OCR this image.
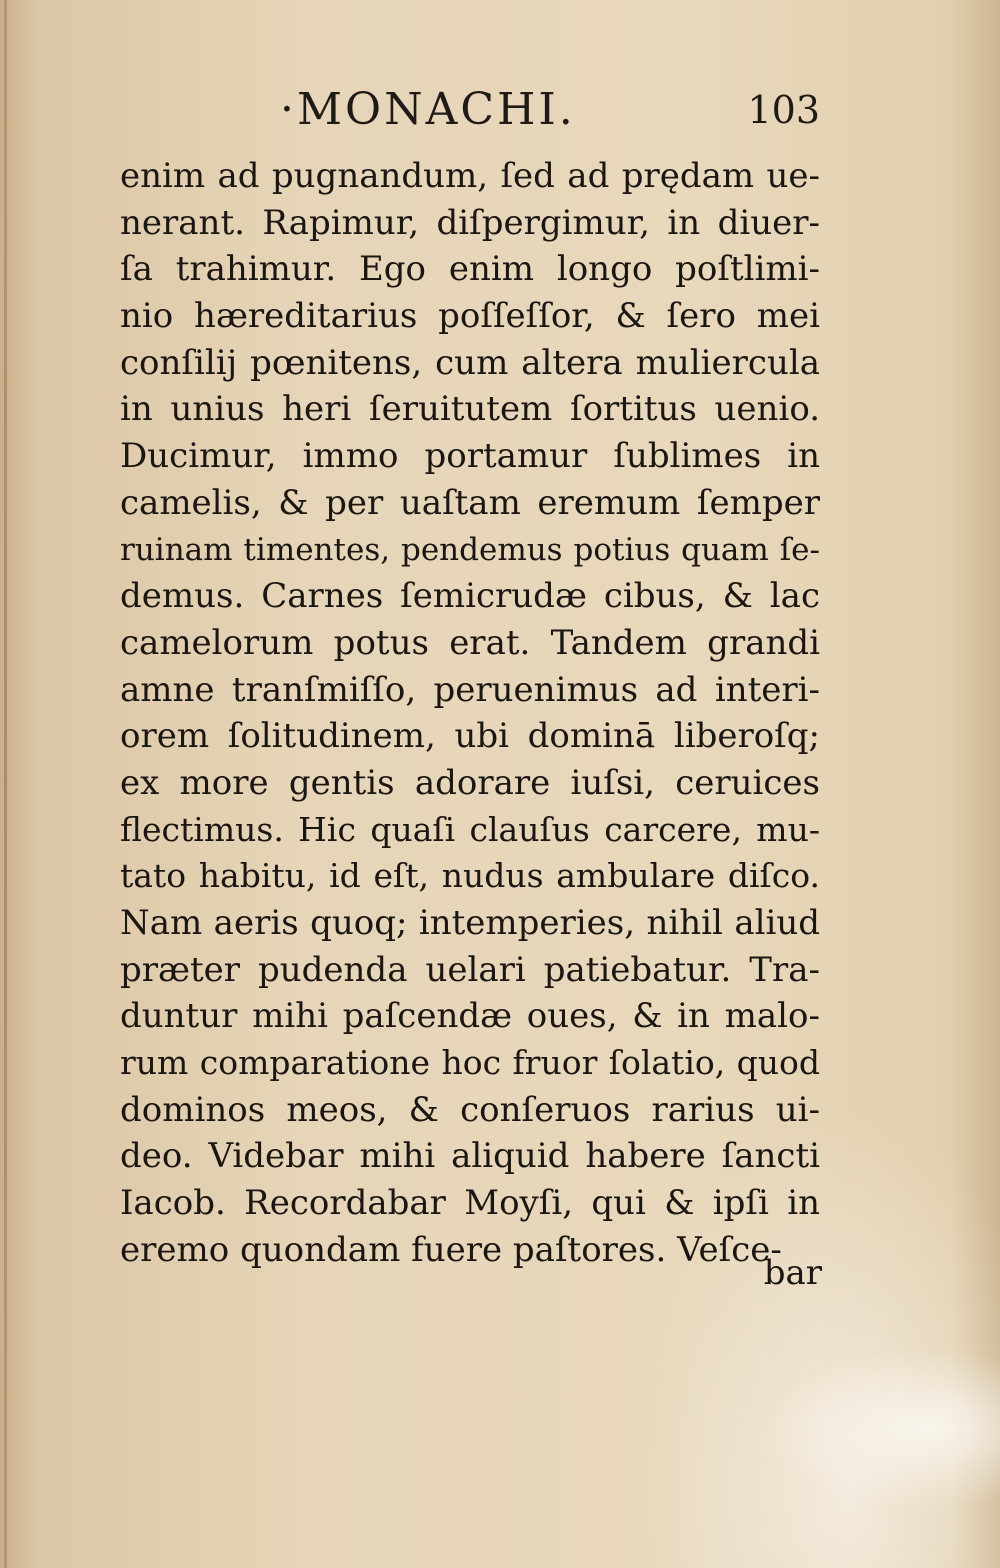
·MONACHI.	103
enim ad pugnandum, ſed ad prędam ue-
nerant. Rapimur, diſpergimur, in diuer-
ſa trahimur. Ego enim longo poſtlimi-
nio hæreditarius poſſeſſor, & ſero mei
conſilij pœnitens, cum altera muliercula
in unius heri ſeruitutem ſortitus uenio.
Ducimur, immo portamur ſublimes in
camelis, & per uaſtam eremum ſemper
ruinam timentes, pendemus potius quam ſe-
demus. Carnes ſemicrudæ cibus, & lac
camelorum potus erat. Tandem grandi
amne tranſmiſſo, peruenimus ad interi-
orem ſolitudinem, ubi dominā liberoſq;
ex more gentis adorare iuſsi, ceruices
flectimus. Hic quaſi clauſus carcere, mu-
tato habitu, id eſt, nudus ambulare diſco.
Nam aeris quoq; intemperies, nihil aliud
præter pudenda uelari patiebatur. Tra-
duntur mihi paſcendæ oues, & in malo-
rum comparatione hoc fruor ſolatio, quod
dominos meos, & conſeruos rarius ui-
deo. Videbar mihi aliquid habere ſancti
Iacob. Recordabar Moyſi, qui & ipſi in
eremo quondam fuere paſtores. Veſce-
bar
